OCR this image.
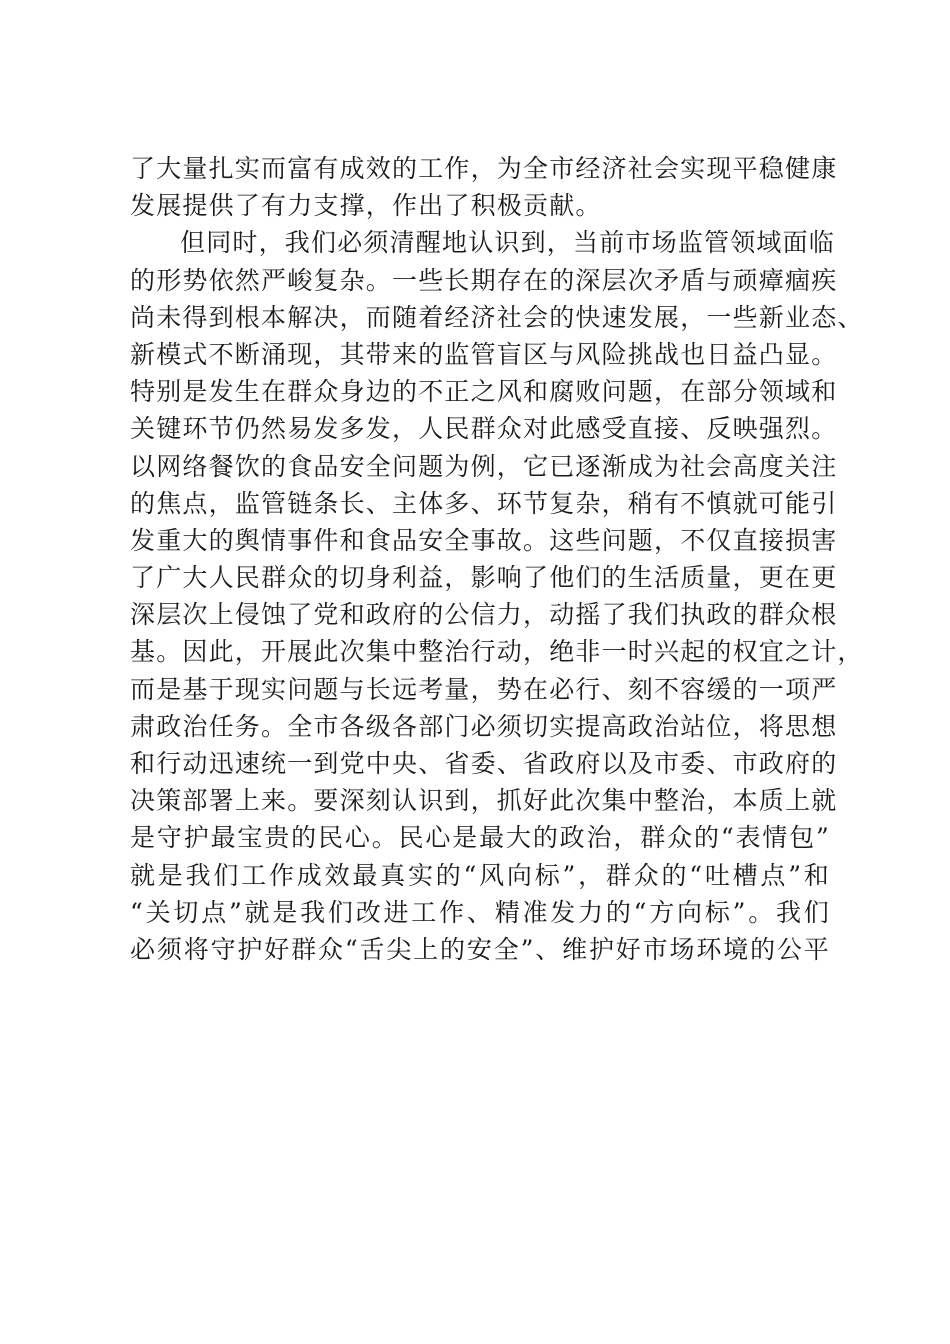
了大量扎实而富有成效的工作，为全市经济社会实现平稳健康
发展提供了有力支撑，作出了积极贡献。
但同时，我们必须清醒地认识到，当前市场监管领域面临
的形势依然严峻复杂。一些长期存在的深层次矛盾与顽瘴痼疾
尚未得到根本解决，而随着经济社会的快速发展，一些新业态、
新模式不断涌现，其带来的监管盲区与风险挑战也日益凸显。
特别是发生在群众身边的不正之风和腐败问题，在部分领域和
关键环节仍然易发多发，人民群众对此感受直接、反映强烈。
以网络餐饮的食品安全问题为例，它已逐渐成为社会高度关注
的焦点，监管链条长、主体多、环节复杂，稍有不慎就可能引
发重大的舆情事件和食品安全事故。这些问题，不仅直接损害
了广大人民群众的切身利益，影响了他们的生活质量，更在更
深层次上侵蚀了党和政府的公信力，动摇了我们执政的群众根
基。因此，开展此次集中整治行动，绝非一时兴起的权宜之计，
而是基于现实问题与长远考量，势在必行、刻不容缓的一项严
肃政治任务。全市各级各部门必须切实提高政治站位，将思想
和行动迅速统一到党中央、省委、省政府以及市委、市政府的
决策部署上来。要深刻认识到，抓好此次集中整治，本质上就
是守护最宝贵的民心。民心是最大的政治，群众的“表情包”
就是我们工作成效最真实的“风向标”，群众的“吐槽点”和
“关切点”就是我们改进工作、精准发力的“方向标”。我们
必须将守护好群众“舌尖上的安全”、维护好市场环境的公平
